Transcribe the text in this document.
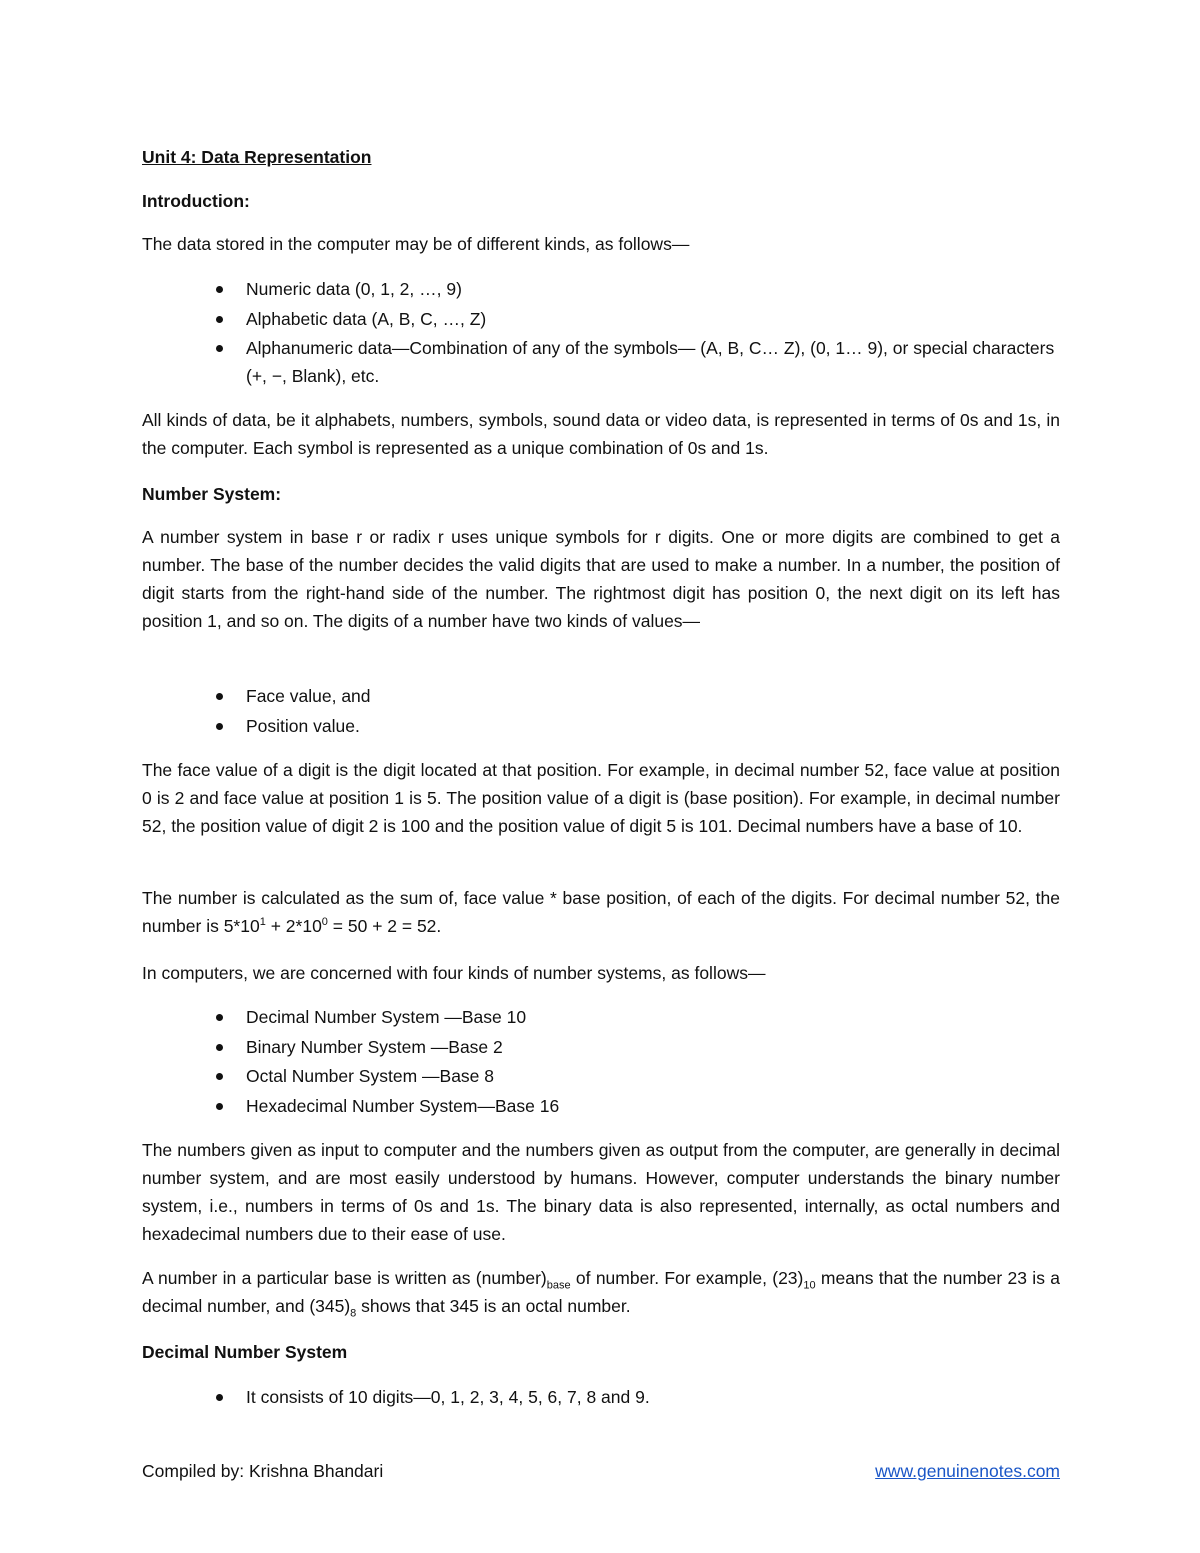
Unit 4: Data Representation
Introduction:
The data stored in the computer may be of different kinds, as follows—
Numeric data (0, 1, 2, …, 9)
Alphabetic data (A, B, C, …, Z)
Alphanumeric data—Combination of any of the symbols— (A, B, C… Z), (0, 1… 9), or special characters (+, −, Blank), etc.

All kinds of data, be it alphabets, numbers, symbols, sound data or video data, is represented in terms of 0s and 1s, in the computer. Each symbol is represented as a unique combination of 0s and 1s.

Number System:

A number system in base r or radix r uses unique symbols for r digits. One or more digits are combined to get a number. The base of the number decides the valid digits that are used to make a number. In a number, the position of digit starts from the right-hand side of the number. The rightmost digit has position 0, the next digit on its left has position 1, and so on. The digits of a number have two kinds of values—

Face value, and
Position value.

The face value of a digit is the digit located at that position. For example, in decimal number 52, face value at position 0 is 2 and face value at position 1 is 5. The position value of a digit is (base position). For example, in decimal number 52, the position value of digit 2 is 100 and the position value of digit 5 is 101. Decimal numbers have a base of 10.

The number is calculated as the sum of, face value * base position, of each of the digits. For decimal number 52, the number is $5*10^1 + 2*10^0 = 50 + 2 = 52$.

In computers, we are concerned with four kinds of number systems, as follows—
Decimal Number System —Base 10
Binary Number System —Base 2
Octal Number System —Base 8
Hexadecimal Number System—Base 16

The numbers given as input to computer and the numbers given as output from the computer, are generally in decimal number system, and are most easily understood by humans. However, computer understands the binary number system, i.e., numbers in terms of 0s and 1s. The binary data is also represented, internally, as octal numbers and hexadecimal numbers due to their ease of use.

A number in a particular base is written as $(number)_{base}$ of number. For example, $(23)_{10}$ means that the number 23 is a decimal number, and $(345)_8$ shows that 345 is an octal number.

Decimal Number System
It consists of 10 digits—0, 1, 2, 3, 4, 5, 6, 7, 8 and 9.
Compiled by: Krishna Bhandari	www.genuinenotes.com
